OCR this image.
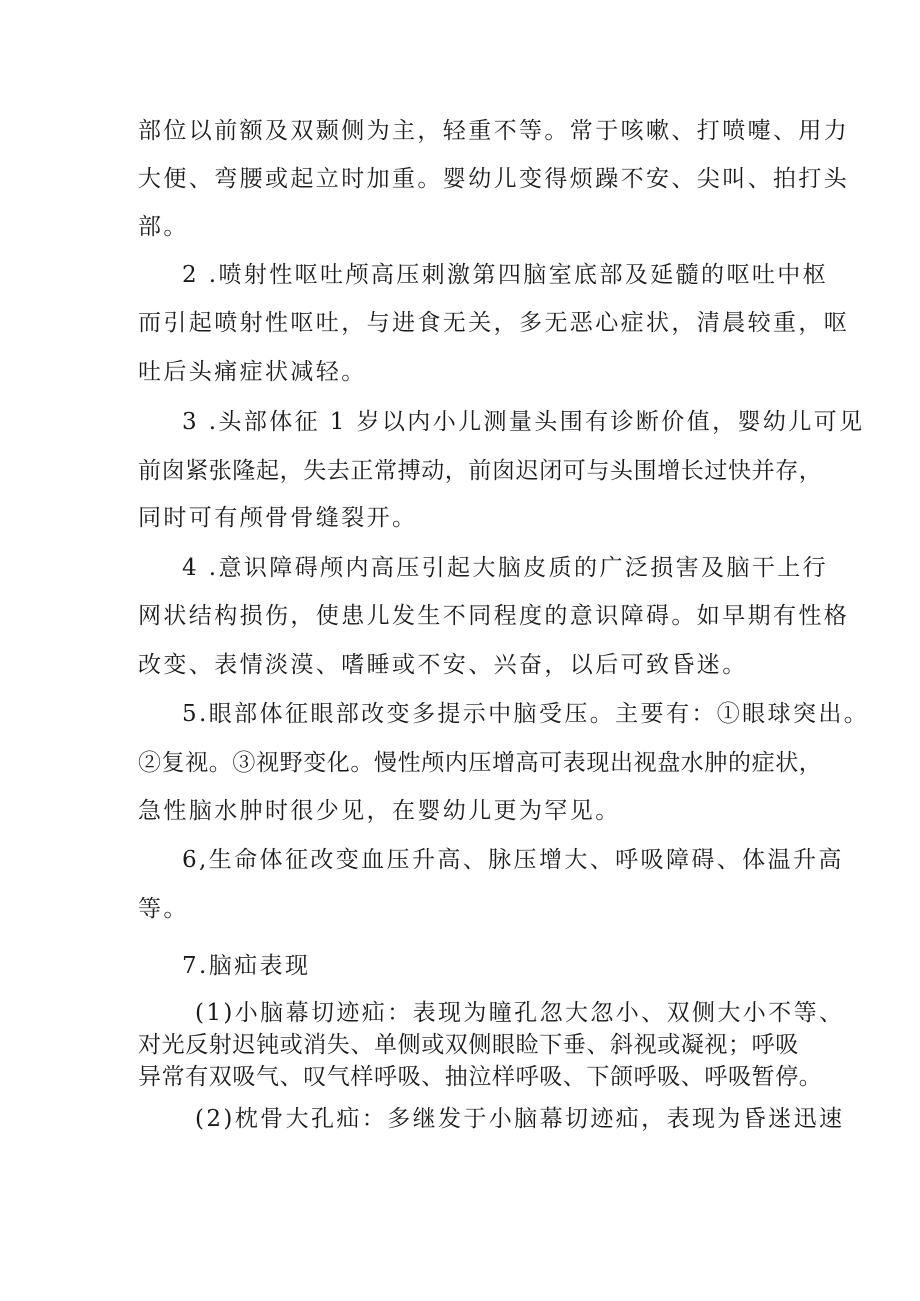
部位以前额及双颞侧为主，轻重不等。常于咳嗽、打喷嚏、用力
大便、弯腰或起立时加重。婴幼儿变得烦躁不安、尖叫、拍打头
部。
2 .喷射性呕吐颅高压刺激第四脑室底部及延髓的呕吐中枢
而引起喷射性呕吐，与进食无关，多无恶心症状，清晨较重，呕
吐后头痛症状减轻。
3 .头部体征 1 岁以内小儿测量头围有诊断价值，婴幼儿可见
前囱紧张隆起，失去正常搏动，前囱迟闭可与头围增长过快并存，
同时可有颅骨骨缝裂开。
4 .意识障碍颅内高压引起大脑皮质的广泛损害及脑干上行
网状结构损伤，使患儿发生不同程度的意识障碍。如早期有性格
改变、表情淡漠、嗜睡或不安、兴奋，以后可致昏迷。
5.眼部体征眼部改变多提示中脑受压。主要有：①眼球突出。
②复视。③视野变化。慢性颅内压增高可表现出视盘水肿的症状，
急性脑水肿时很少见，在婴幼儿更为罕见。
6,生命体征改变血压升高、脉压增大、呼吸障碍、体温升高
等。
7.脑疝表现
(1)小脑幕切迹疝：表现为瞳孔忽大忽小、双侧大小不等、
对光反射迟钝或消失、单侧或双侧眼睑下垂、斜视或凝视；呼吸
异常有双吸气、叹气样呼吸、抽泣样呼吸、下颌呼吸、呼吸暂停。
(2)枕骨大孔疝：多继发于小脑幕切迹疝，表现为昏迷迅速
